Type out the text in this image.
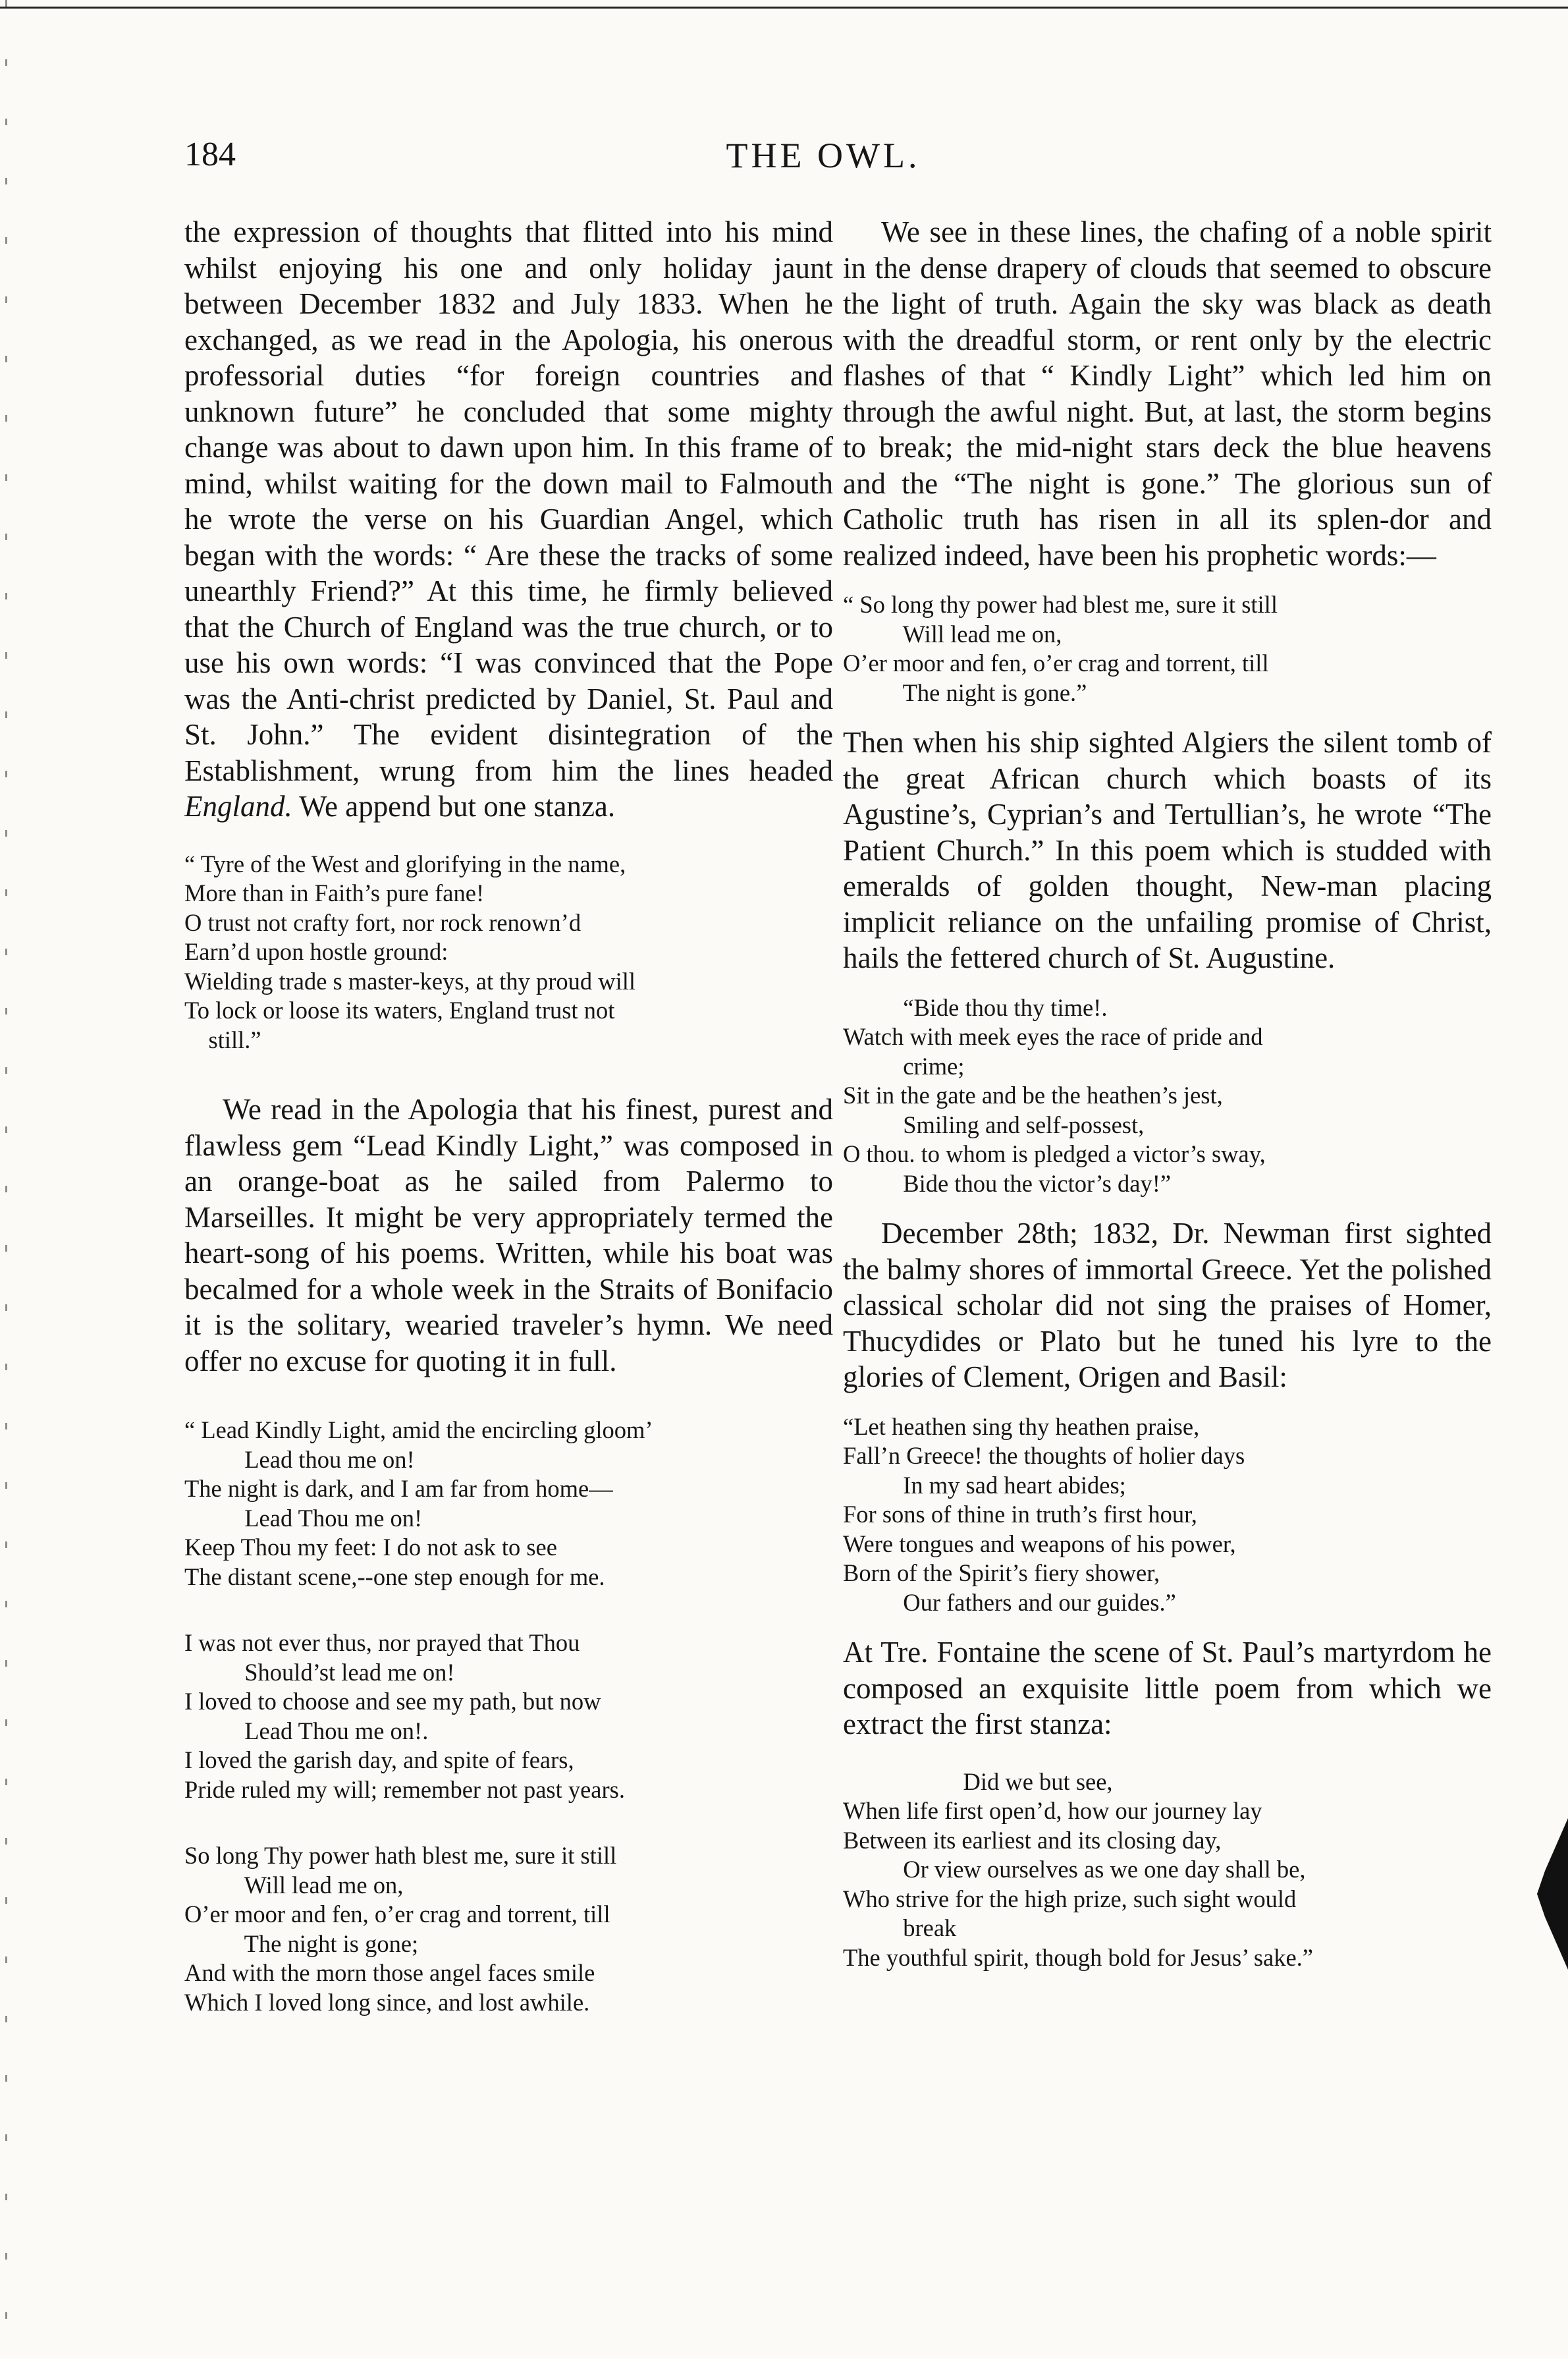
184	THE OWL.

the expression of thoughts that flitted into his mind whilst enjoying his one and only holiday jaunt between December 1832 and July 1833. When he exchanged, as we read in the Apologia, his onerous professorial duties “for foreign countries and unknown future” he concluded that some mighty change was about to dawn upon him. In this frame of mind, whilst waiting for the down mail to Falmouth he wrote the verse on his Guardian Angel, which began with the words: “ Are these the tracks of some unearthly Friend?” At this time, he firmly believed that the Church of England was the true church, or to use his own words: “I was convinced that the Pope was the Anti-christ predicted by Daniel, St. Paul and St. John.” The evident disintegration of the Establishment, wrung from him the lines headed England. We append but one stanza.

“ Tyre of the West and glorifying in the name,
More than in Faith’s pure fane!
O trust not crafty fort, nor rock renown’d
Earn’d upon hostle ground:
Wielding trade s master-keys, at thy proud will
To lock or loose its waters, England trust not
still.”

We read in the Apologia that his finest, purest and flawless gem “Lead Kindly Light,” was composed in an orange-boat as he sailed from Palermo to Marseilles. It might be very appropriately termed the heart-song of his poems. Written, while his boat was becalmed for a whole week in the Straits of Bonifacio it is the solitary, wearied traveler’s hymn. We need offer no excuse for quoting it in full.

“ Lead Kindly Light, amid the encircling gloom’
Lead thou me on!
The night is dark, and I am far from home—
Lead Thou me on!
Keep Thou my feet: I do not ask to see
The distant scene,--one step enough for me.

I was not ever thus, nor prayed that Thou
Should’st lead me on!
I loved to choose and see my path, but now
Lead Thou me on!.
I loved the garish day, and spite of fears,
Pride ruled my will; remember not past years.

So long Thy power hath blest me, sure it still
Will lead me on,
O’er moor and fen, o’er crag and torrent, till
The night is gone;
And with the morn those angel faces smile
Which I loved long since, and lost awhile.

We see in these lines, the chafing of a noble spirit in the dense drapery of clouds that seemed to obscure the light of truth. Again the sky was black as death with the dreadful storm, or rent only by the electric flashes of that “ Kindly Light” which led him on through the awful night. But, at last, the storm begins to break; the mid-night stars deck the blue heavens and the “The night is gone.” The glorious sun of Catholic truth has risen in all its splen-dor and realized indeed, have been his prophetic words:—

“ So long thy power had blest me, sure it still
Will lead me on,
O’er moor and fen, o’er crag and torrent, till
The night is gone.”

Then when his ship sighted Algiers the silent tomb of the great African church which boasts of its Agustine’s, Cyprian’s and Tertullian’s, he wrote “The Patient Church.” In this poem which is studded with emeralds of golden thought, New-man placing implicit reliance on the unfailing promise of Christ, hails the fettered church of St. Augustine.

“Bide thou thy time!.
Watch with meek eyes the race of pride and
crime;
Sit in the gate and be the heathen’s jest,
Smiling and self-possest,
O thou. to whom is pledged a victor’s sway,
Bide thou the victor’s day!”

December 28th; 1832, Dr. Newman first sighted the balmy shores of immortal Greece. Yet the polished classical scholar did not sing the praises of Homer, Thucydides or Plato but he tuned his lyre to the glories of Clement, Origen and Basil:

“Let heathen sing thy heathen praise,
Fall’n Greece! the thoughts of holier days
In my sad heart abides;
For sons of thine in truth’s first hour,
Were tongues and weapons of his power,
Born of the Spirit’s fiery shower,
Our fathers and our guides.”

At Tre. Fontaine the scene of St. Paul’s martyrdom he composed an exquisite little poem from which we extract the first stanza:

Did we but see,
When life first open’d, how our journey lay
Between its earliest and its closing day,
Or view ourselves as we one day shall be,
Who strive for the high prize, such sight would
break
The youthful spirit, though bold for Jesus’ sake.”
